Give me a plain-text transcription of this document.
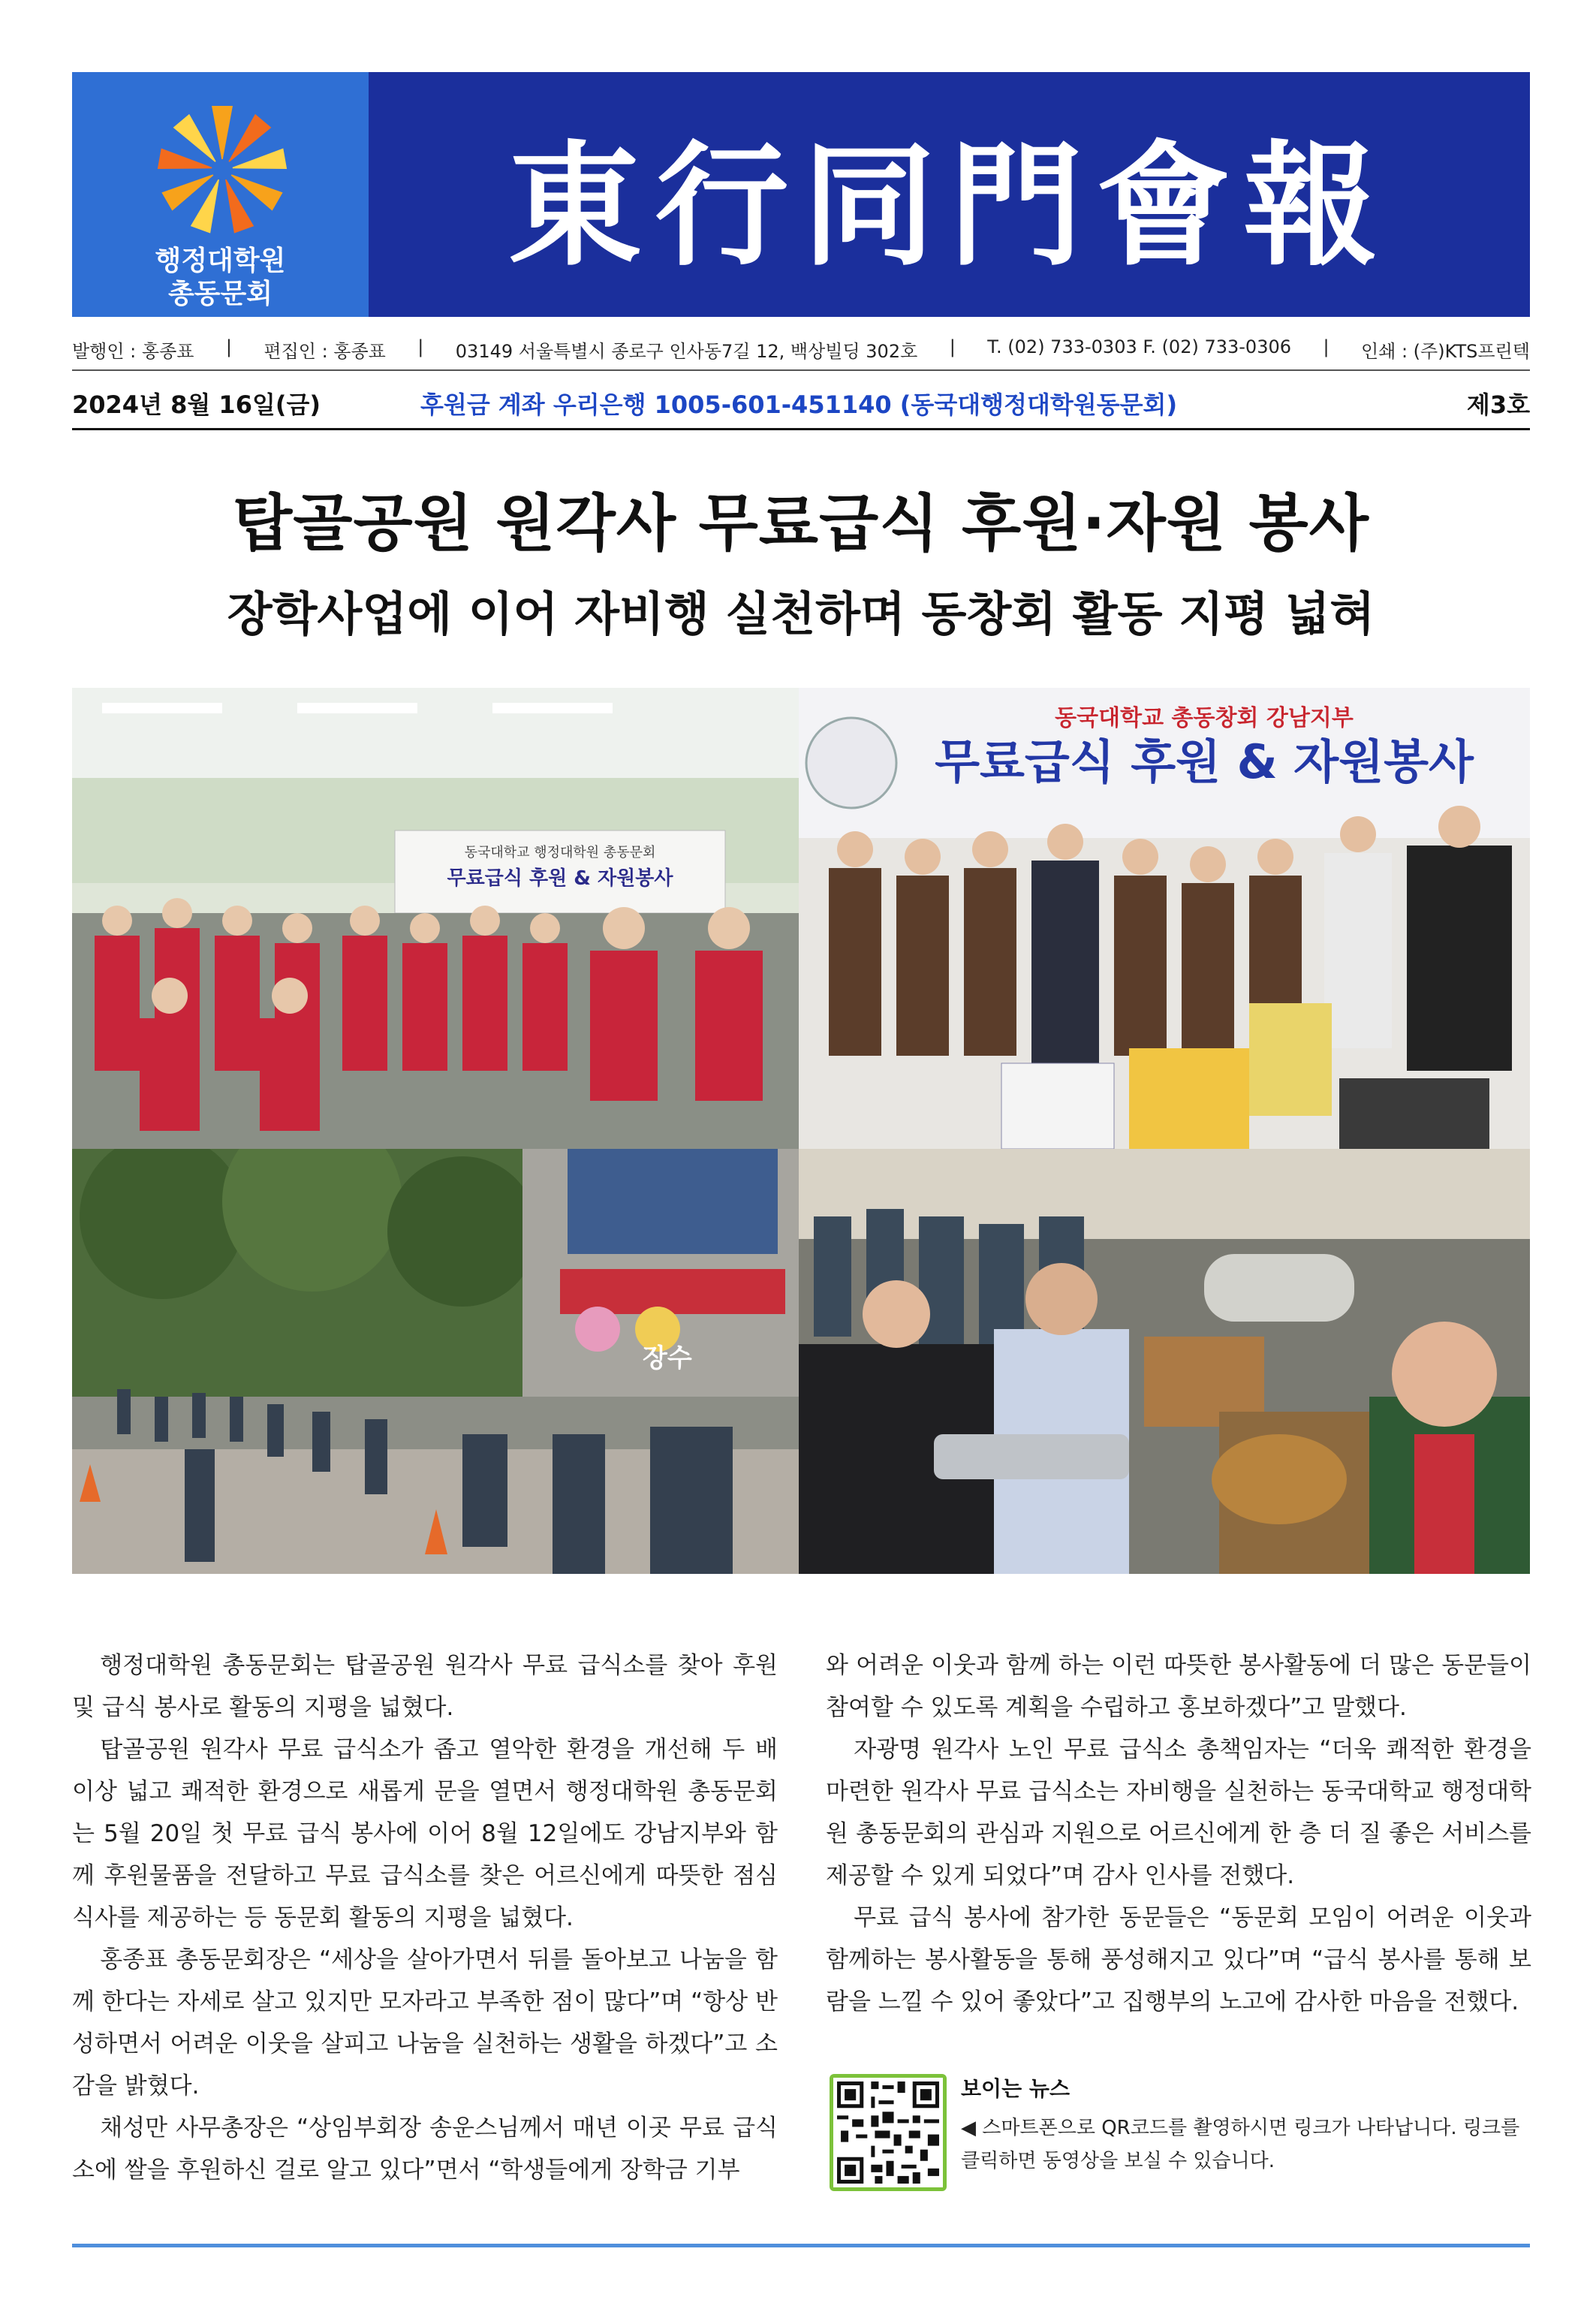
행정대학원
총동문회
東行同門會報
발행인 : 홍종표 | 편집인 : 홍종표 | 03149 서울특별시 종로구 인사동7길 12, 백상빌딩 302호 | T. (02) 733-0303 F. (02) 733-0306 | 인쇄 : (주)KTS프린텍
2024년 8월 16일(금)	후원금 계좌 우리은행 1005-601-451140 (동국대행정대학원동문회)	제3호
탑골공원 원각사 무료급식 후원·자원 봉사
장학사업에 이어 자비행 실천하며 동창회 활동 지평 넓혀
동국대학교 행정대학원 총동문회
무료급식 후원 & 자원봉사
동국대학교 총동창회 강남지부
무료급식 후원 & 자원봉사
장수

행정대학원 총동문회는 탑골공원 원각사 무료 급식소를 찾아 후원 및 급식 봉사로 활동의 지평을 넓혔다.

탑골공원 원각사 무료 급식소가 좁고 열악한 환경을 개선해 두 배 이상 넓고 쾌적한 환경으로 새롭게 문을 열면서 행정대학원 총동문회는 5월 20일 첫 무료 급식 봉사에 이어 8월 12일에도 강남지부와 함께 후원물품을 전달하고 무료 급식소를 찾은 어르신에게 따뜻한 점심 식사를 제공하는 등 동문회 활동의 지평을 넓혔다.

홍종표 총동문회장은 “세상을 살아가면서 뒤를 돌아보고 나눔을 함께 한다는 자세로 살고 있지만 모자라고 부족한 점이 많다”며 “항상 반성하면서 어려운 이웃을 살피고 나눔을 실천하는 생활을 하겠다”고 소감을 밝혔다.

채성만 사무총장은 “상임부회장 송운스님께서 매년 이곳 무료 급식소에 쌀을 후원하신 걸로 알고 있다”면서 “학생들에게 장학금 기부

와 어려운 이웃과 함께 하는 이런 따뜻한 봉사활동에 더 많은 동문들이 참여할 수 있도록 계획을 수립하고 홍보하겠다”고 말했다.

자광명 원각사 노인 무료 급식소 총책임자는 “더욱 쾌적한 환경을 마련한 원각사 무료 급식소는 자비행을 실천하는 동국대학교 행정대학원 총동문회의 관심과 지원으로 어르신에게 한 층 더 질 좋은 서비스를 제공할 수 있게 되었다”며 감사 인사를 전했다.

무료 급식 봉사에 참가한 동문들은 “동문회 모임이 어려운 이웃과 함께하는 봉사활동을 통해 풍성해지고 있다”며 “급식 봉사를 통해 보람을 느낄 수 있어 좋았다”고 집행부의 노고에 감사한 마음을 전했다.

보이는 뉴스
◀ 스마트폰으로 QR코드를 촬영하시면 링크가 나타납니다. 링크를 클릭하면 동영상을 보실 수 있습니다.
